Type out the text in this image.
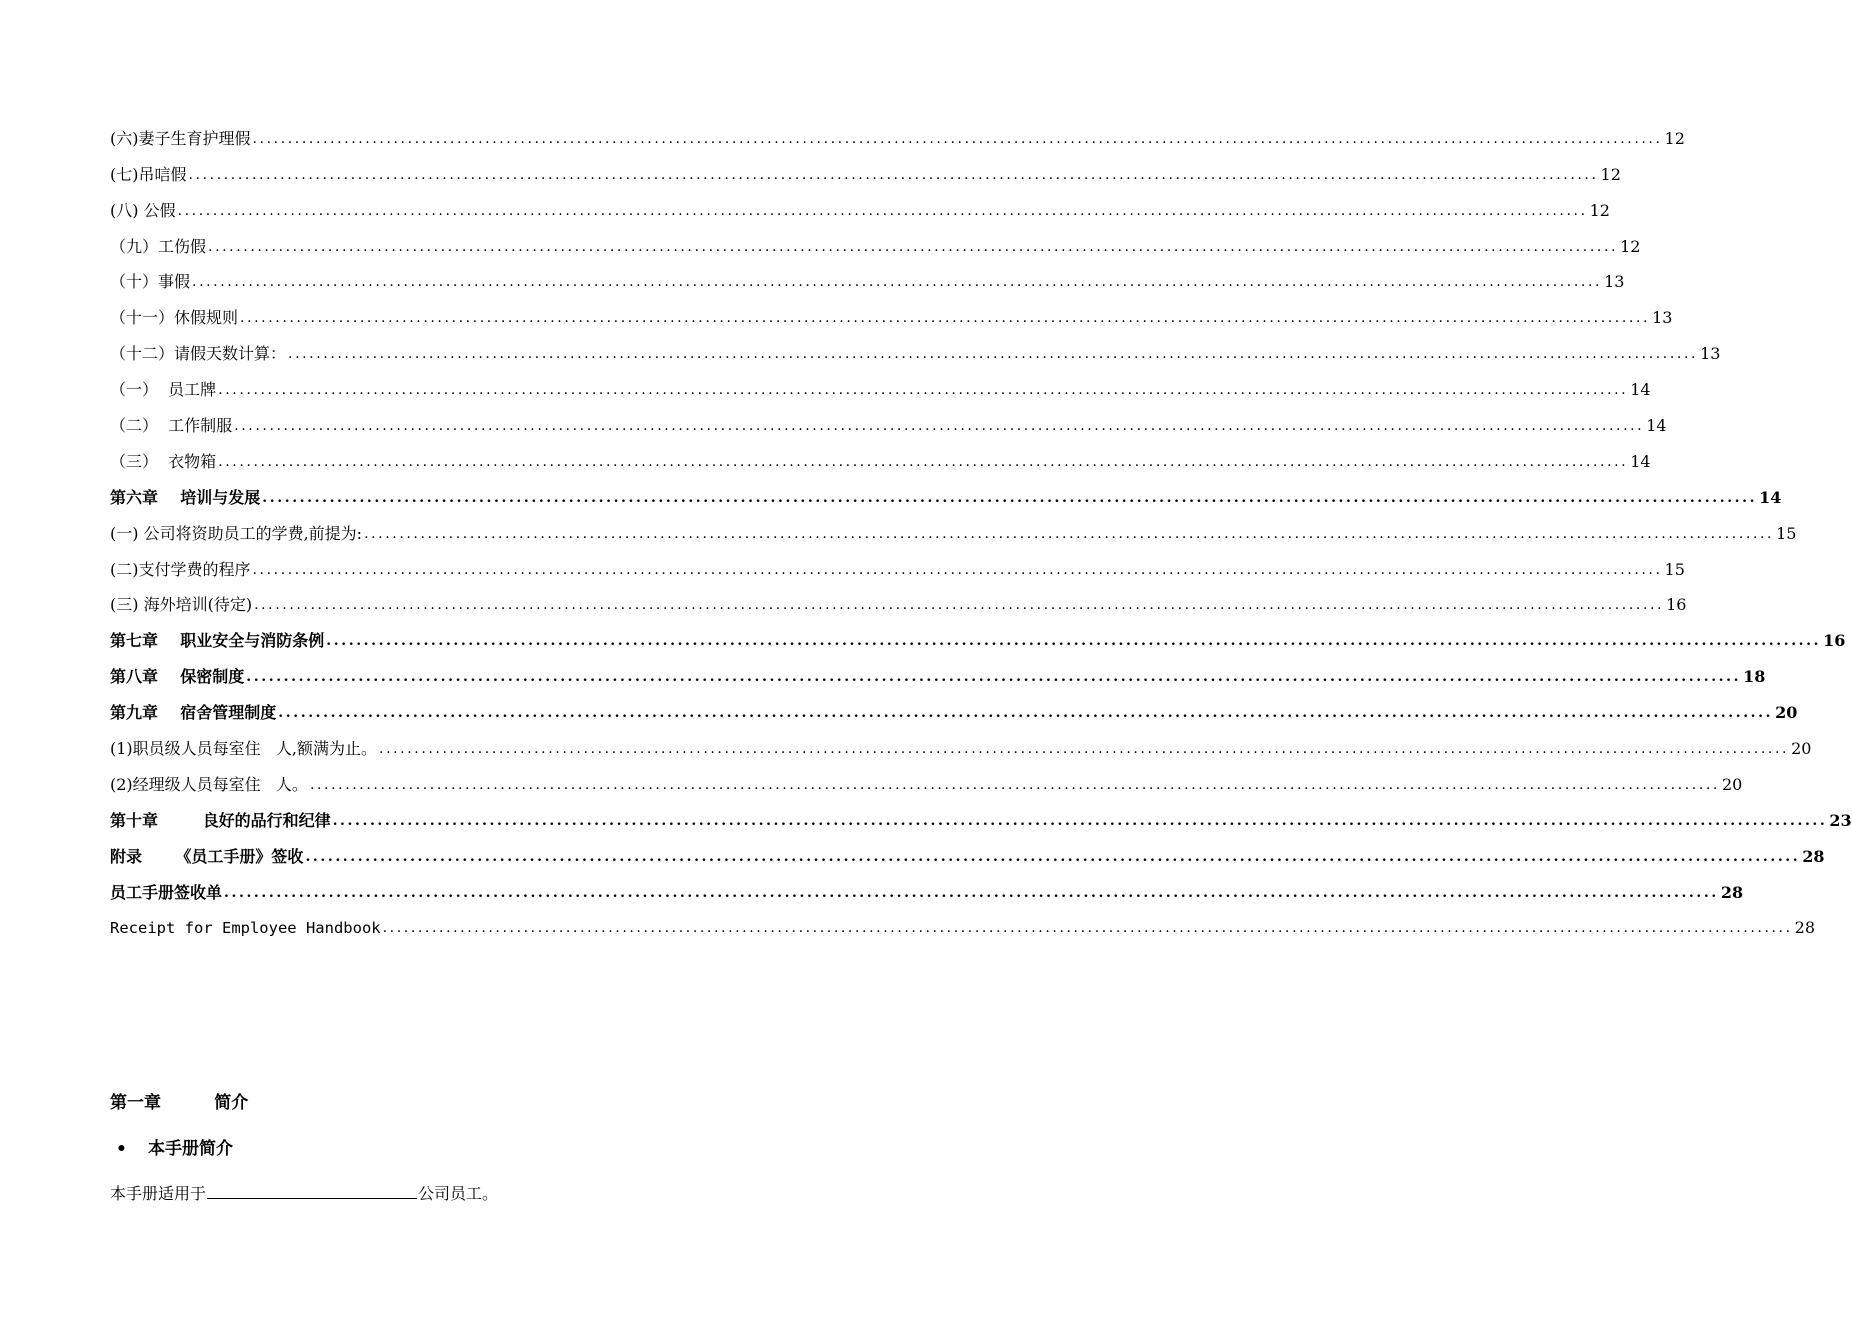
(六)妻子生育护理假 ........................................................................................................................................................................................................ 12
(七)吊唁假 ........................................................................................................................................................................................................ 12
(八) 公假 ........................................................................................................................................................................................................ 12
（九）工伤假 ........................................................................................................................................................................................................ 12
（十）事假 ........................................................................................................................................................................................................ 13
（十一）休假规则 ........................................................................................................................................................................................................ 13
（十二）请假天数计算： ........................................................................................................................................................................................................ 13
（一）  员工牌 ........................................................................................................................................................................................................ 14
（二）  工作制服 ........................................................................................................................................................................................................ 14
（三）  衣物箱 ........................................................................................................................................................................................................ 14
第六章    培训与发展 ........................................................................................................................................................................................................ 14
(一) 公司将资助员工的学费,前提为: ........................................................................................................................................................................................................ 15
(二)支付学费的程序 ........................................................................................................................................................................................................ 15
(三) 海外培训(待定) ........................................................................................................................................................................................................ 16
第七章    职业安全与消防条例 ........................................................................................................................................................................................................ 16
第八章    保密制度 ........................................................................................................................................................................................................ 18
第九章    宿舍管理制度 ........................................................................................................................................................................................................ 20
(1)职员级人员每室住   人,额满为止。 ........................................................................................................................................................................................................ 20
(2)经理级人员每室住   人。 ........................................................................................................................................................................................................ 20
第十章        良好的品行和纪律 ........................................................................................................................................................................................................ 23
附录      《员工手册》签收 ........................................................................................................................................................................................................ 28
员工手册签收单 ........................................................................................................................................................................................................ 28
Receipt for Employee Handbook ........................................................................................................................................................................................................ 28
第一章         简介
• 本手册简介
本手册适用于	公司员工。
